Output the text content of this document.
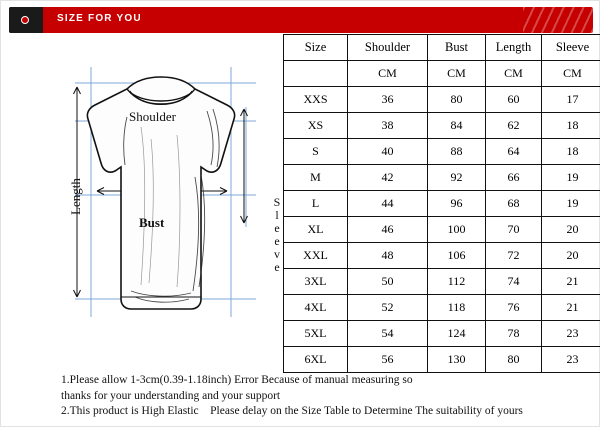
SIZE FOR YOU
Shoulder
Bust
Length	Sleeve
Size	Shoulder	Bust	Length	Sleeve
	CM	CM	CM	CM
XXS	36	80	60	17
XS	38	84	62	18
S	40	88	64	18
M	42	92	66	19
L	44	96	68	19
XL	46	100	70	20
XXL	48	106	72	20
3XL	50	112	74	21
4XL	52	118	76	21
5XL	54	124	78	23
6XL	56	130	80	23
1.Please allow 1-3cm(0.39-1.18inch) Error Because of manual measuring so
thanks for your understanding and your support
2.This product is High Elastic    Please delay on the Size Table to Determine The suitability of yours
